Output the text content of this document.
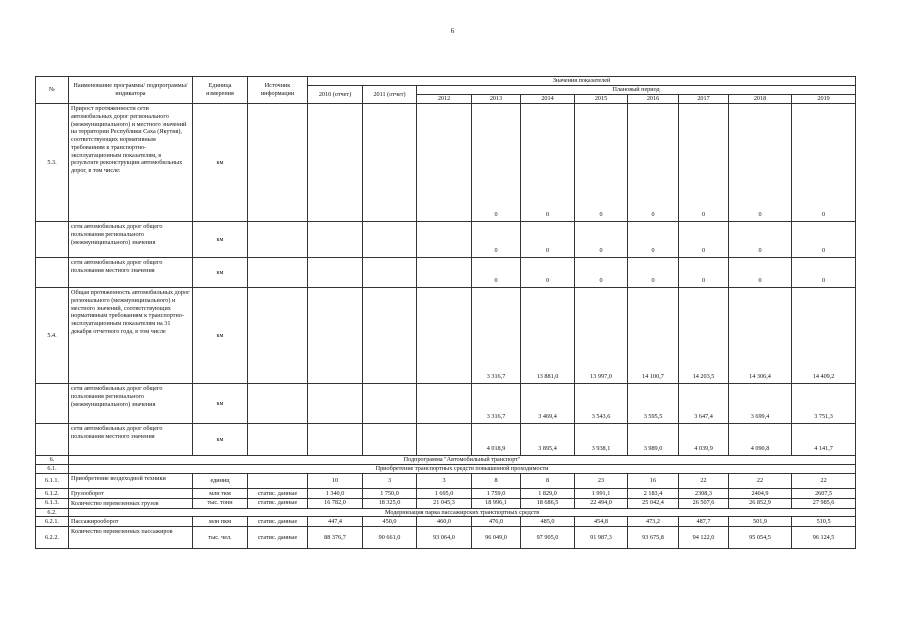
6
№	Наименование программы/ подпрограммы/ индикатора	Единица измерения	Источник информации	Значения показателей									
				2010 (отчет)	2011 (отчет)	Плановый период							
						2012	2013	2014	2015	2016	2017	2018	2019
5.3.	Прирост протяженности сети автомобильных дорог регионального (межмуниципального) и местного значений на территории Республики Саха (Якутия), соответствующих нормативным требованиям к транспортно-эксплуатационным показателям, в результате реконструкции автомобильных дорог, в том числе:	км					0	0	0	0	0	0	0
	сети автомобильных дорог общего пользования регионального (межмуниципального) значения	км					0	0	0	0	0	0	0
	сети автомобильных дорог общего пользования местного значения	км					0	0	0	0	0	0	0
5.4.	Общая протяженность автомобильных дорог регионального (межмуниципального) и местного значений, соответствующих нормативным требованиям к транспортно-эксплуатационным показателям на 31 декабря отчетного года, в том числе	км					3 316,7	13 881,0	13 997,0	14 100,7	14 203,5	14 306,4	14 409,2
	сети автомобильных дорог общего пользования регионального (межмуниципального) значения	км					3 316,7	3 469,4	3 543,6	3 595,5	3 647,4	3 699,4	3 751,3
	сети автомобильных дорог общего пользования местного значения	км					4 018,9	3 895,4	3 938,1	3 989,0	4 039,9	4 090,8	4 141,7
6.	Подпрограмма "Автомобильный транспорт"												
6.1.	Приобретение транспортных средств повышенной проходимости												
6.1.1.	Приобретение вездеходной техники	единиц		10	3	3	8	8	23	16	22	22	22
6.1.2.	Грузооборот	млн ткм	статис. данные	1 340,0	1 750,0	1 695,0	1 759,0	1 829,0	1 991,1	2 183,4	2308,3	2404,9	2607,5
6.1.3.	Количество перевезенных грузов	тыс. тонн	статис. данные	16 782,0	18 325,0	21 045,3	18 996,1	18 686,5	22 494,0	25 042,4	26 507,6	26 852,9	27 985,6
6.2.	Модернизация парка пассажирских транспортных средств												
6.2.1.	Пассажирооборот	млн пкм	статис. данные	447,4	450,0	460,0	476,0	485,0	454,8	473,2	487,7	501,9	510,5
6.2.2.	Количество перевезенных пассажиров	тыс. чел.	статис. данные	88 376,7	90 661,0	93 064,0	96 049,0	97 905,0	91 987,3	93 675,8	94 122,0	95 054,5	96 124,5
